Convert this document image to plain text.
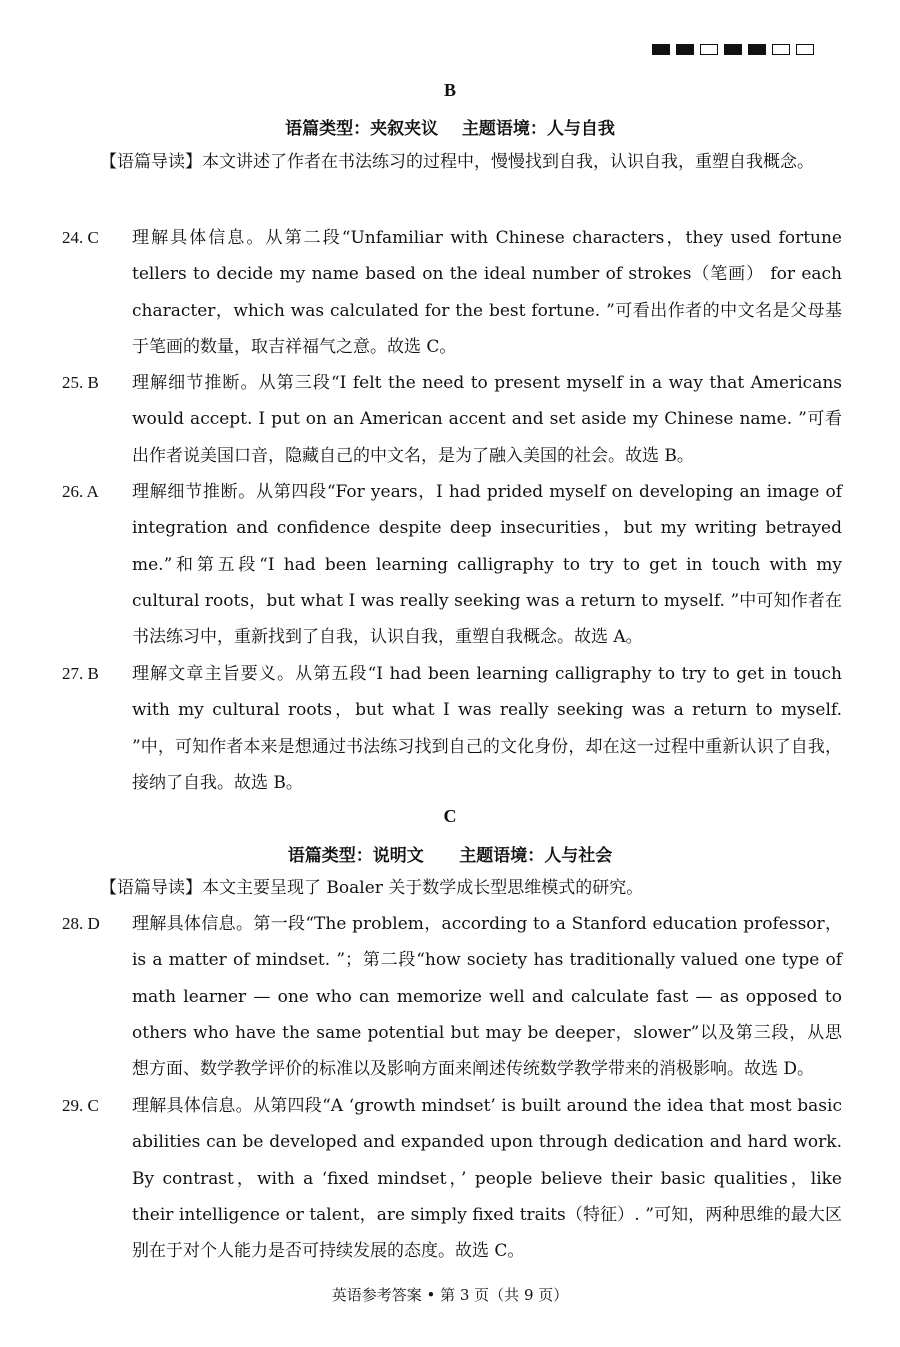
B
语篇类型：夹叙夹议    主题语境：人与自我
【语篇导读】本文讲述了作者在书法练习的过程中，慢慢找到自我，认识自我，重塑自我概念。
24. C	理解具体信息。从第二段“Unfamiliar with Chinese characters，they used fortune tellers to decide my name based on the ideal number of strokes（笔画） for each character，which was calculated for the best fortune. ”可看出作者的中文名是父母基于笔画的数量，取吉祥福气之意。故选 C。
25. B	理解细节推断。从第三段“I felt the need to present myself in a way that Americans would accept. I put on an American accent and set aside my Chinese name. ”可看出作者说美国口音，隐藏自己的中文名，是为了融入美国的社会。故选 B。
26. A	理解细节推断。从第四段“For years，I had prided myself on developing an image of integration and confidence despite deep insecurities，but my writing betrayed me.”和第五段“I had been learning calligraphy to try to get in touch with my cultural roots，but what I was really seeking was a return to myself. ”中可知作者在书法练习中，重新找到了自我，认识自我，重塑自我概念。故选 A。
27. B	理解文章主旨要义。从第五段“I had been learning calligraphy to try to get in touch with my cultural roots，but what I was really seeking was a return to myself. ”中，可知作者本来是想通过书法练习找到自己的文化身份，却在这一过程中重新认识了自我，接纳了自我。故选 B。
C
语篇类型：说明文      主题语境：人与社会
【语篇导读】本文主要呈现了 Boaler 关于数学成长型思维模式的研究。
28. D	理解具体信息。第一段“The problem，according to a Stanford education professor，is a matter of mindset. ”；第二段“how society has traditionally valued one type of math learner — one who can memorize well and calculate fast — as opposed to others who have the same potential but may be deeper，slower”以及第三段，从思想方面、数学教学评价的标准以及影响方面来阐述传统数学教学带来的消极影响。故选 D。
29. C	理解具体信息。从第四段“A ‘growth mindset’ is built around the idea that most basic abilities can be developed and expanded upon through dedication and hard work. By contrast，with a ‘fixed mindset，’ people believe their basic qualities，like their intelligence or talent，are simply fixed traits（特征）. ”可知，两种思维的最大区别在于对个人能力是否可持续发展的态度。故选 C。
英语参考答案 • 第 3 页（共 9 页）
